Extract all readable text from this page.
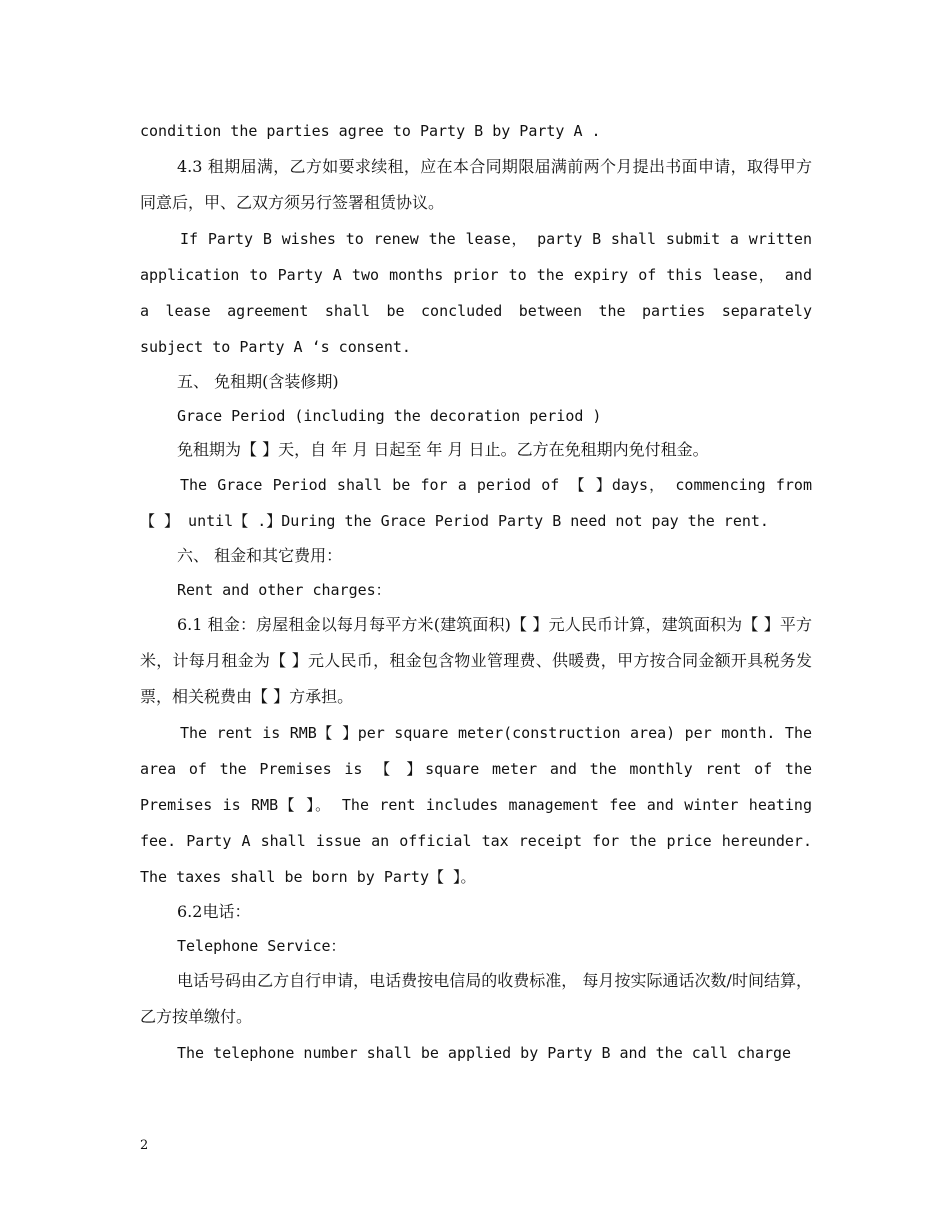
condition the parties agree to Party B by Party A .

4.3 租期届满，乙方如要求续租，应在本合同期限届满前两个月提出书面申请，取得甲方同意后，甲、乙双方须另行签署租赁协议。

If Party B wishes to renew the lease， party B shall submit a written application to Party A two months prior to the expiry of this lease， and a lease agreement shall be concluded between the parties separately subject to Party A ‘s consent.

五、 免租期(含装修期)

Grace Period (including the decoration period )

免租期为【 】天，自 年 月 日起至 年 月 日止。乙方在免租期内免付租金。

The Grace Period shall be for a period of 【 】days， commencing from 【 】 until【 .】During the Grace Period Party B need not pay the rent.

六、 租金和其它费用：

Rent and other charges：

6.1 租金：房屋租金以每月每平方米(建筑面积)【 】元人民币计算，建筑面积为【 】平方米，计每月租金为【 】元人民币，租金包含物业管理费、供暖费，甲方按合同金额开具税务发票，相关税费由【 】方承担。

The rent is RMB【 】per square meter(construction area) per month. The area of the Premises is 【 】square meter and the monthly rent of the Premises is RMB【 】。 The rent includes management fee and winter heating fee. Party A shall issue an official tax receipt for the price hereunder. The taxes shall be born by Party【 】。

6.2电话：

Telephone Service：

电话号码由乙方自行申请，电话费按电信局的收费标准， 每月按实际通话次数/时间结算，乙方按单缴付。

The telephone number shall be applied by Party B and the call charge

2
